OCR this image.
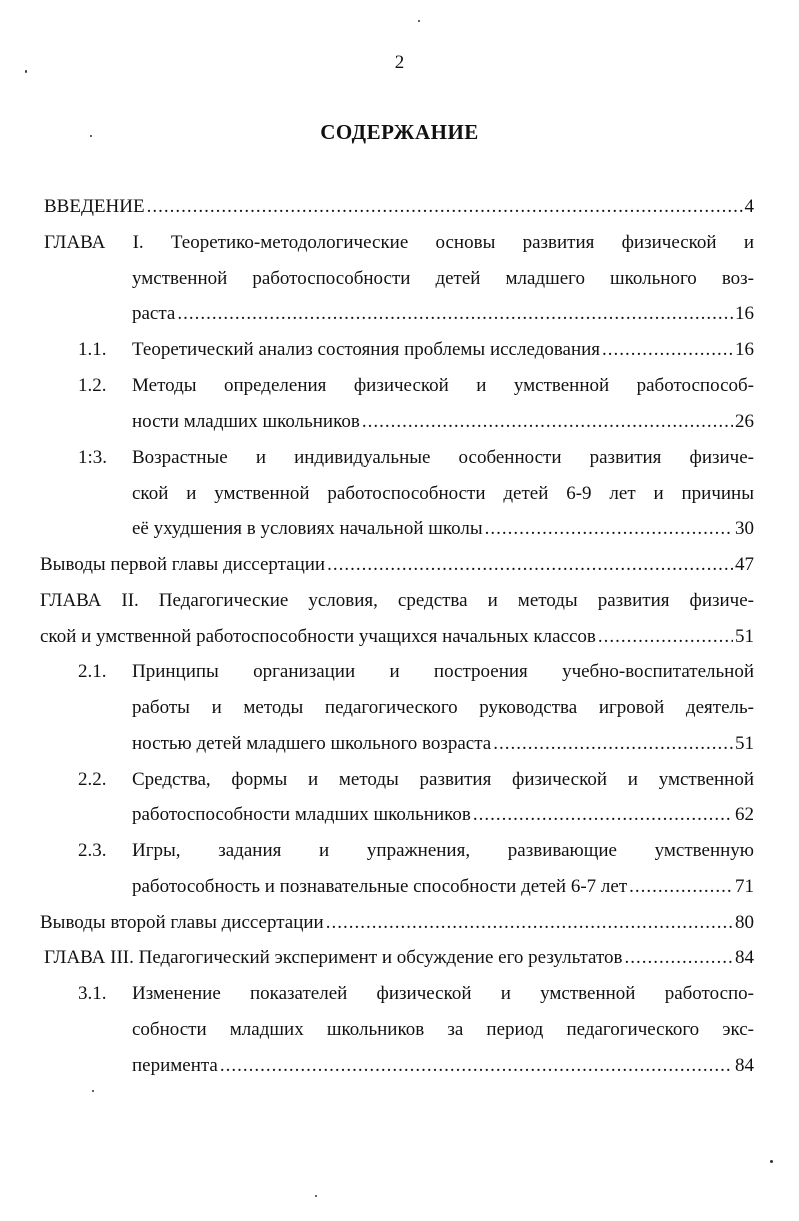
2
СОДЕРЖАНИЕ
ВВЕДЕНИЕ .....	4
ГЛАВА I. Теоретико-методологические основы развития физической и
умственной работоспособности детей младшего школьного воз-
раста .....	16
1.1. Теоретический анализ состояния проблемы исследования .....	16
1.2. Методы определения физической и умственной работоспособ-
ности младших школьников .....	26
1:3. Возрастные и индивидуальные особенности развития физиче-
ской и умственной работоспособности детей 6-9 лет и причины
её ухудшения в условиях начальной школы .....	30
Выводы первой главы диссертации .....	47
ГЛАВА II. Педагогические условия, средства и методы развития физиче-
ской и умственной работоспособности учащихся начальных классов .....	51
2.1. Принципы организации и построения учебно-воспитательной
работы и методы педагогического руководства игровой деятель-
ностью детей младшего школьного возраста .....	51
2.2. Средства, формы и методы развития физической и умственной
работоспособности младших школьников .....	62
2.3. Игры, задания и упражнения, развивающие умственную
работособность и познавательные способности детей 6-7 лет .....	71
Выводы второй главы диссертации .....	80
ГЛАВА III. Педагогический эксперимент и обсуждение его результатов .....	84
3.1. Изменение показателей физической и умственной работоспо-
собности младших школьников за период педагогического экс-
перимента .....	84
